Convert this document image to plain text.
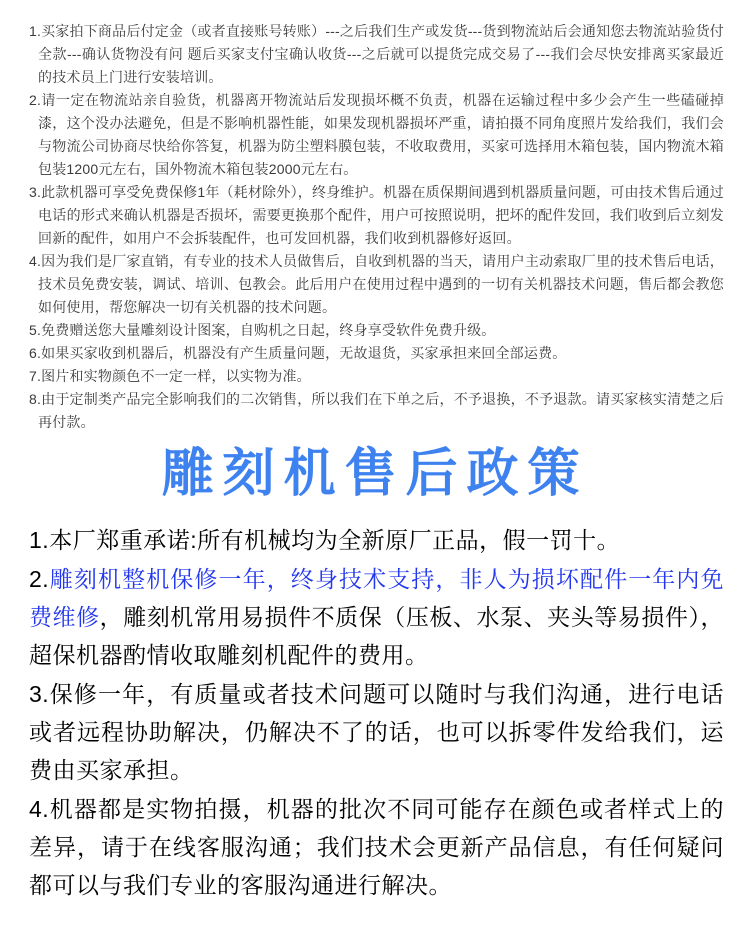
1.买家拍下商品后付定金（或者直接账号转账）---之后我们生产或发货---货到物流站后会通知您去物流站验货付全款---确认货物没有问 题后买家支付宝确认收货---之后就可以提货完成交易了---我们会尽快安排离买家最近的技术员上门进行安装培训。

2.请一定在物流站亲自验货，机器离开物流站后发现损坏概不负责，机器在运输过程中多少会产生一些磕碰掉漆，这个没办法避免，但是不影响机器性能，如果发现机器损坏严重，请拍摄不同角度照片发给我们，我们会与物流公司协商尽快给你答复，机器为防尘塑料膜包装，不收取费用，买家可选择用木箱包装，国内物流木箱包装1200元左右，国外物流木箱包装2000元左右。

3.此款机器可享受免费保修1年（耗材除外），终身维护。机器在质保期间遇到机器质量问题，可由技术售后通过电话的形式来确认机器是否损坏，需要更换那个配件，用户可按照说明，把坏的配件发回，我们收到后立刻发回新的配件，如用户不会拆装配件，也可发回机器，我们收到机器修好返回。

4.因为我们是厂家直销，有专业的技术人员做售后，自收到机器的当天，请用户主动索取厂里的技术售后电话，技术员免费安装，调试、培训、包教会。此后用户在使用过程中遇到的一切有关机器技术问题，售后都会教您如何使用，帮您解决一切有关机器的技术问题。

5.免费赠送您大量雕刻设计图案，自购机之日起，终身享受软件免费升级。

6.如果买家收到机器后，机器没有产生质量问题，无故退货，买家承担来回全部运费。

7.图片和实物颜色不一定一样，以实物为准。

8.由于定制类产品完全影响我们的二次销售，所以我们在下单之后，不予退换，不予退款。请买家核实清楚之后再付款。

雕刻机售后政策

1.本厂郑重承诺:所有机械均为全新原厂正品，假一罚十。

2.雕刻机整机保修一年，终身技术支持，非人为损坏配件一年内免费维修，雕刻机常用易损件不质保（压板、水泵、夹头等易损件），超保机器酌情收取雕刻机配件的费用。

3.保修一年，有质量或者技术问题可以随时与我们沟通，进行电话或者远程协助解决，仍解决不了的话，也可以拆零件发给我们，运费由买家承担。

4.机器都是实物拍摄，机器的批次不同可能存在颜色或者样式上的差异，请于在线客服沟通；我们技术会更新产品信息，有任何疑问都可以与我们专业的客服沟通进行解决。
